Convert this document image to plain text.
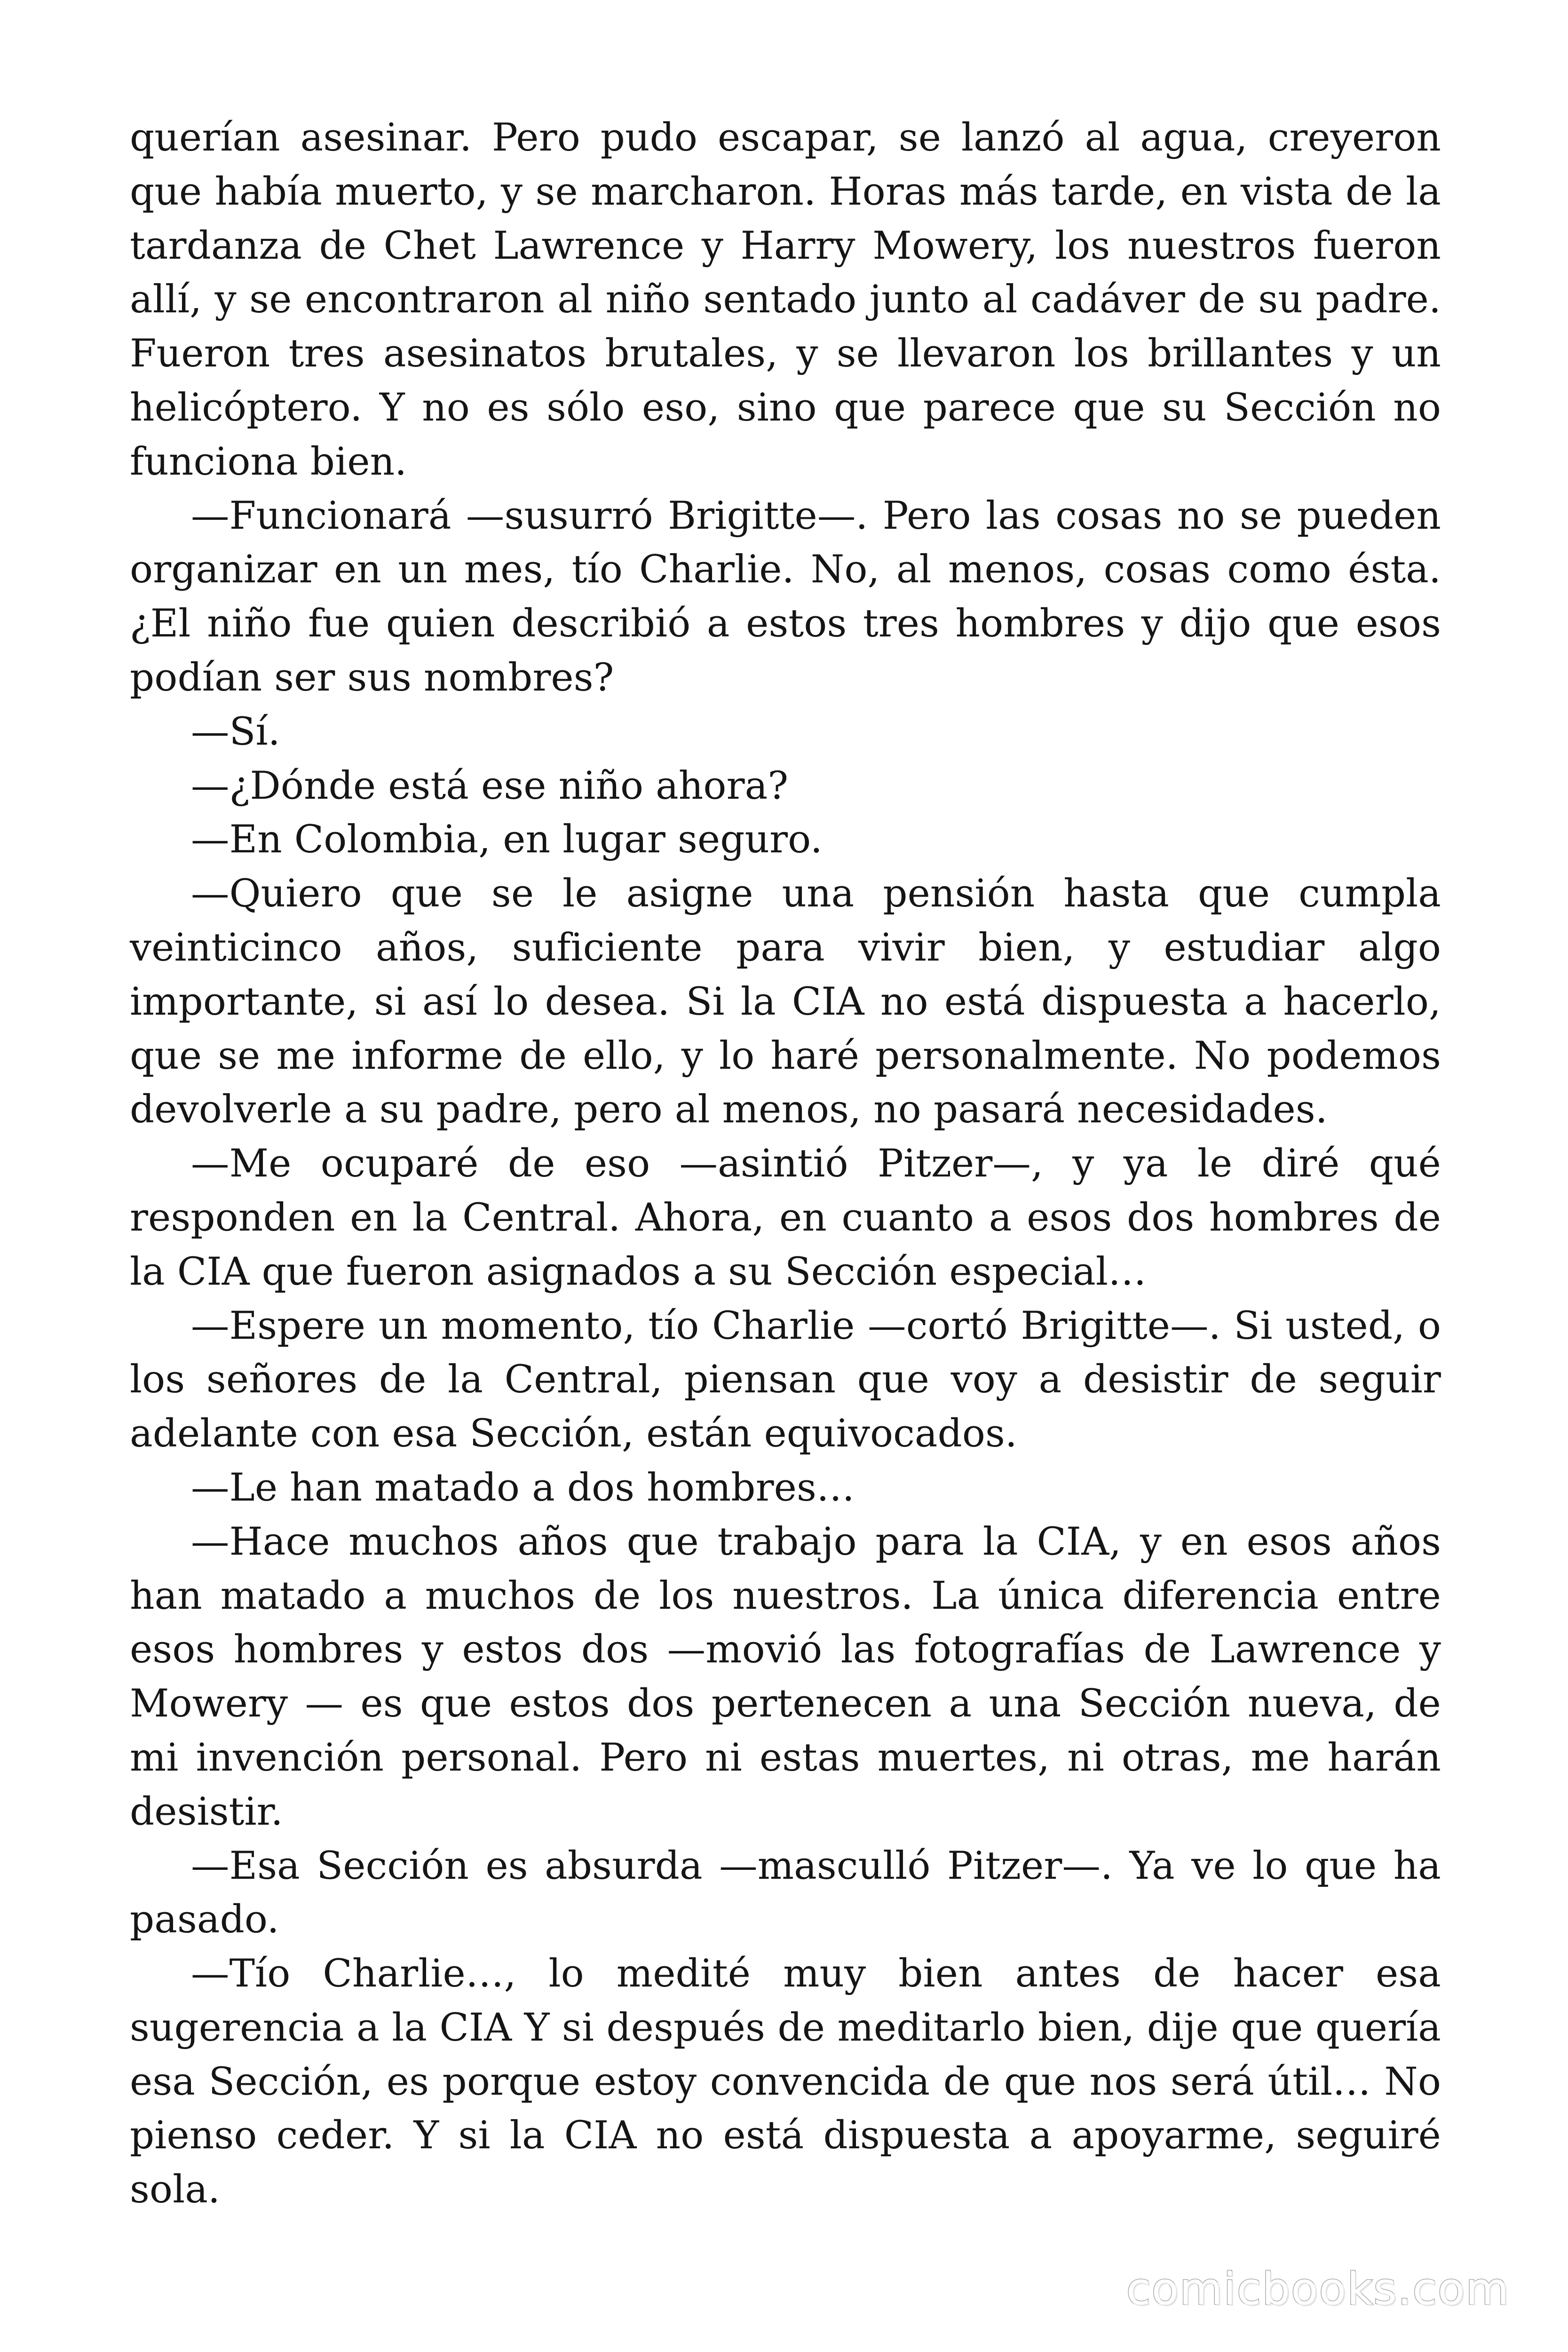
querían asesinar. Pero pudo escapar, se lanzó al agua, creyeron que había muerto, y se marcharon. Horas más tarde, en vista de la tardanza de Chet Lawrence y Harry Mowery, los nuestros fueron allí, y se encontraron al niño sentado junto al cadáver de su padre. Fueron tres asesinatos brutales, y se llevaron los brillantes y un helicóptero. Y no es sólo eso, sino que parece que su Sección no funciona bien.

—Funcionará —susurró Brigitte—. Pero las cosas no se pueden organizar en un mes, tío Charlie. No, al menos, cosas como ésta. ¿El niño fue quien describió a estos tres hombres y dijo que esos podían ser sus nombres?

—Sí.

—¿Dónde está ese niño ahora?

—En Colombia, en lugar seguro.

—Quiero que se le asigne una pensión hasta que cumpla veinticinco años, suficiente para vivir bien, y estudiar algo importante, si así lo desea. Si la CIA no está dispuesta a hacerlo, que se me informe de ello, y lo haré personalmente. No podemos devolverle a su padre, pero al menos, no pasará necesidades.

—Me ocuparé de eso —asintió Pitzer—, y ya le diré qué responden en la Central. Ahora, en cuanto a esos dos hombres de la CIA que fueron asignados a su Sección especial…

—Espere un momento, tío Charlie —cortó Brigitte—. Si usted, o los señores de la Central, piensan que voy a desistir de seguir adelante con esa Sección, están equivocados.

—Le han matado a dos hombres…

—Hace muchos años que trabajo para la CIA, y en esos años han matado a muchos de los nuestros. La única diferencia entre esos hombres y estos dos —movió las fotografías de Lawrence y Mowery — es que estos dos pertenecen a una Sección nueva, de mi invención personal. Pero ni estas muertes, ni otras, me harán desistir.

—Esa Sección es absurda —mascull​ó Pitzer—. Ya ve lo que ha pasado.

—Tío Charlie…, lo medité muy bien antes de hacer esa sugerencia a la CIA Y si después de meditarlo bien, dije que quería esa Sección, es porque estoy convencida de que nos será útil… No pienso ceder. Y si la CIA no está dispuesta a apoyarme, seguiré sola.

comicbooks.com
